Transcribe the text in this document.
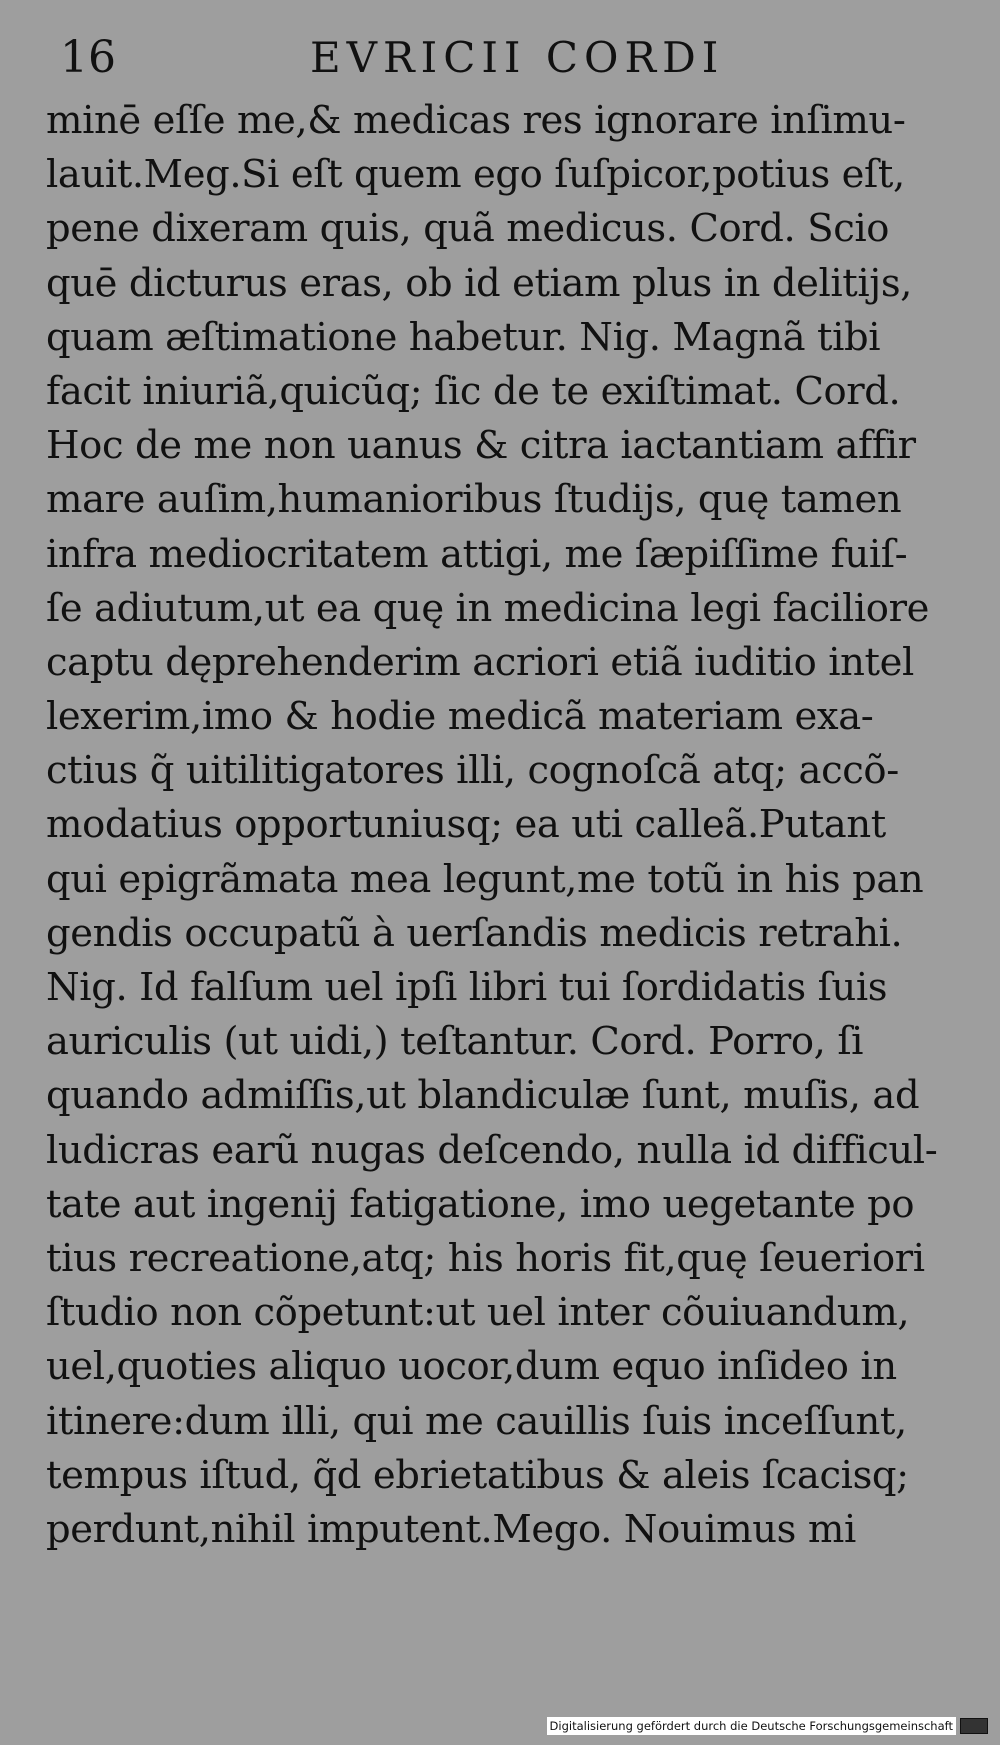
16	EVRICII CORDI
minē eſſe me,& medicas res ignorare inſimu-
lauit.Meg.Si eſt quem ego ſuſpicor,potius eſt,
pene dixeram quis, quã medicus. Cord. Scio
quē dicturus eras, ob id etiam plus in delitijs,
quam æſtimatione habetur. Nig. Magnã tibi
facit iniuriã,quicũq; ſic de te exiſtimat. Cord.
Hoc de me non uanus & citra iactantiam affir
mare auſim,humanioribus ſtudijs, quę tamen
infra mediocritatem attigi, me ſæpiſſime fuiſ-
ſe adiutum,ut ea quę in medicina legi faciliore
captu dęprehenderim acriori etiã iuditio intel
lexerim,imo & hodie medicã materiam exa-
ctius q̃ uitilitigatores illi, cognoſcã atq; accõ-
modatius opportuniusq; ea uti calleã.Putant
qui epigrãmata mea legunt,me totũ in his pan
gendis occupatũ à uerſandis medicis retrahi.
Nig. Id falſum uel ipſi libri tui ſordidatis ſuis
auriculis (ut uidi,) teſtantur. Cord. Porro, ſi
quando admiſſis,ut blandiculæ ſunt, muſis, ad
ludicras earũ nugas deſcendo, nulla id difficul-
tate aut ingenij fatigatione, imo uegetante po
tius recreatione,atq; his horis fit,quę ſeueriori
ſtudio non cõpetunt:ut uel inter cõuiuandum,
uel,quoties aliquo uocor,dum equo inſideo in
itinere:dum illi, qui me cauillis ſuis inceſſunt,
tempus iſtud, q̃d ebrietatibus & aleis ſcacisq;
perdunt,nihil imputent.Mego. Nouimus mi
Digitalisierung gefördert durch die Deutsche Forschungsgemeinschaft
